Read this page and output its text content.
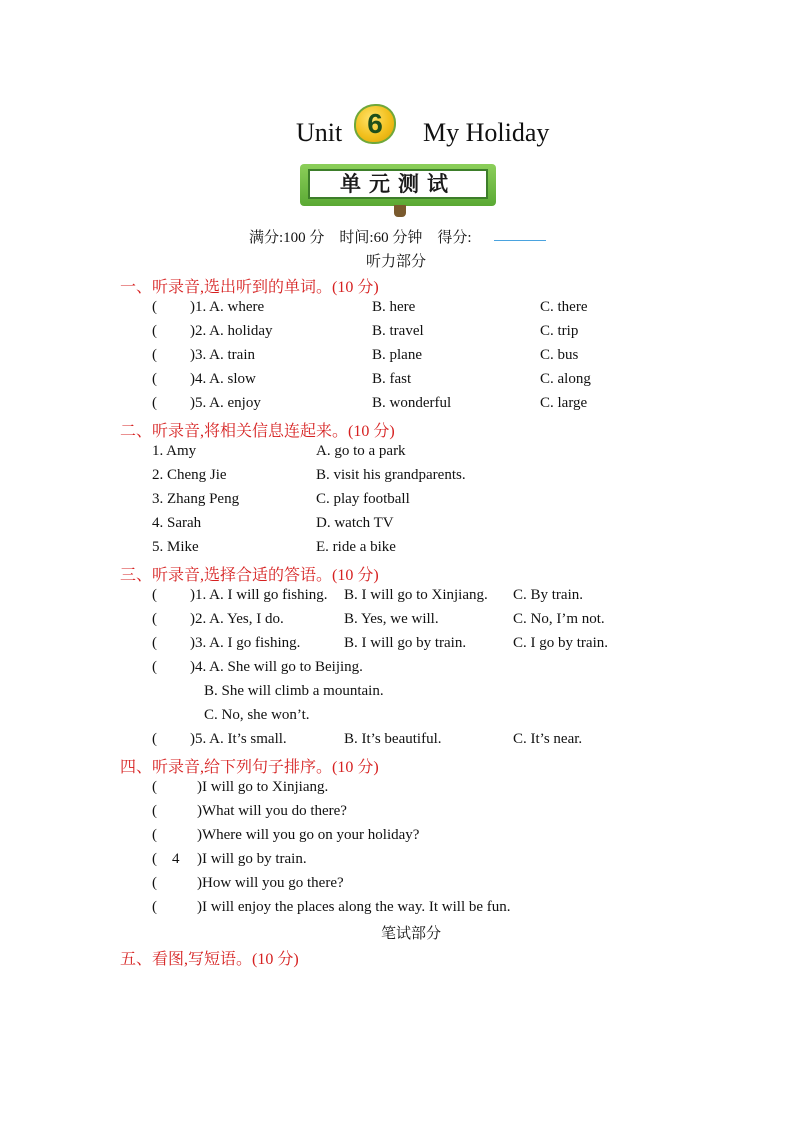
Unit 6	My Holiday
单元测试
满分:100 分　时间:60 分钟　得分:
听力部分
一、听录音,选出听到的单词。(10 分)
( )1. A. where	B. here	C. there
( )2. A. holiday	B. travel	C. trip
( )3. A. train	B. plane	C. bus
( )4. A. slow	B. fast	C. along
( )5. A. enjoy	B. wonderful	C. large
二、听录音,将相关信息连起来。(10 分)
1. Amy	A. go to a park
2. Cheng Jie	B. visit his grandparents.
3. Zhang Peng	C. play football
4. Sarah	D. watch TV
5. Mike	E. ride a bike
三、听录音,选择合适的答语。(10 分)
( )1. A. I will go fishing. B. I will go to Xinjiang. C. By train.
( )2. A. Yes, I do.	B. Yes, we will.	C. No, I’m not.
( )3. A. I go fishing.	B. I will go by train.	C. I go by train.
( )4. A. She will go to Beijing.
B. She will climb a mountain.
C. No, she won’t.
( )5. A. It’s small.	B. It’s beautiful.	C. It’s near.
四、听录音,给下列句子排序。(10 分)
(	)I will go to Xinjiang.
(	)What will you do there?
(	)Where will you go on your holiday?
( 4 )I will go by train.
(	)How will you go there?
(	)I will enjoy the places along the way. It will be fun.
笔试部分
五、看图,写短语。(10 分)
